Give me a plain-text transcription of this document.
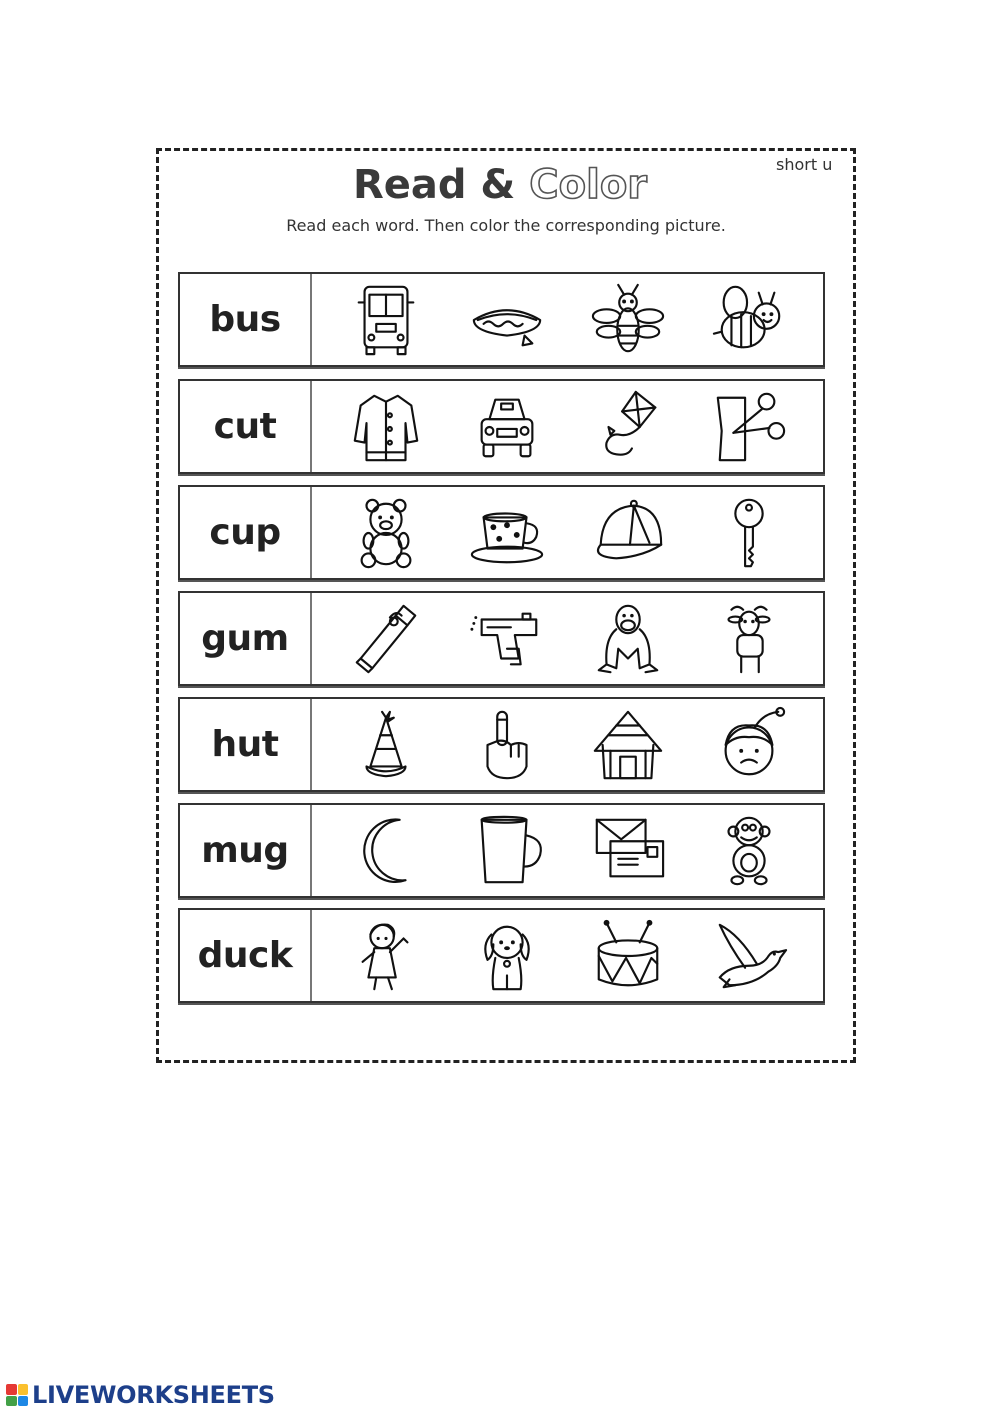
short u
Read & Color
Read each word. Then color the corresponding picture.
bus
cut
cup
gum
hut
mug
duck
LIVEWORKSHEETS
